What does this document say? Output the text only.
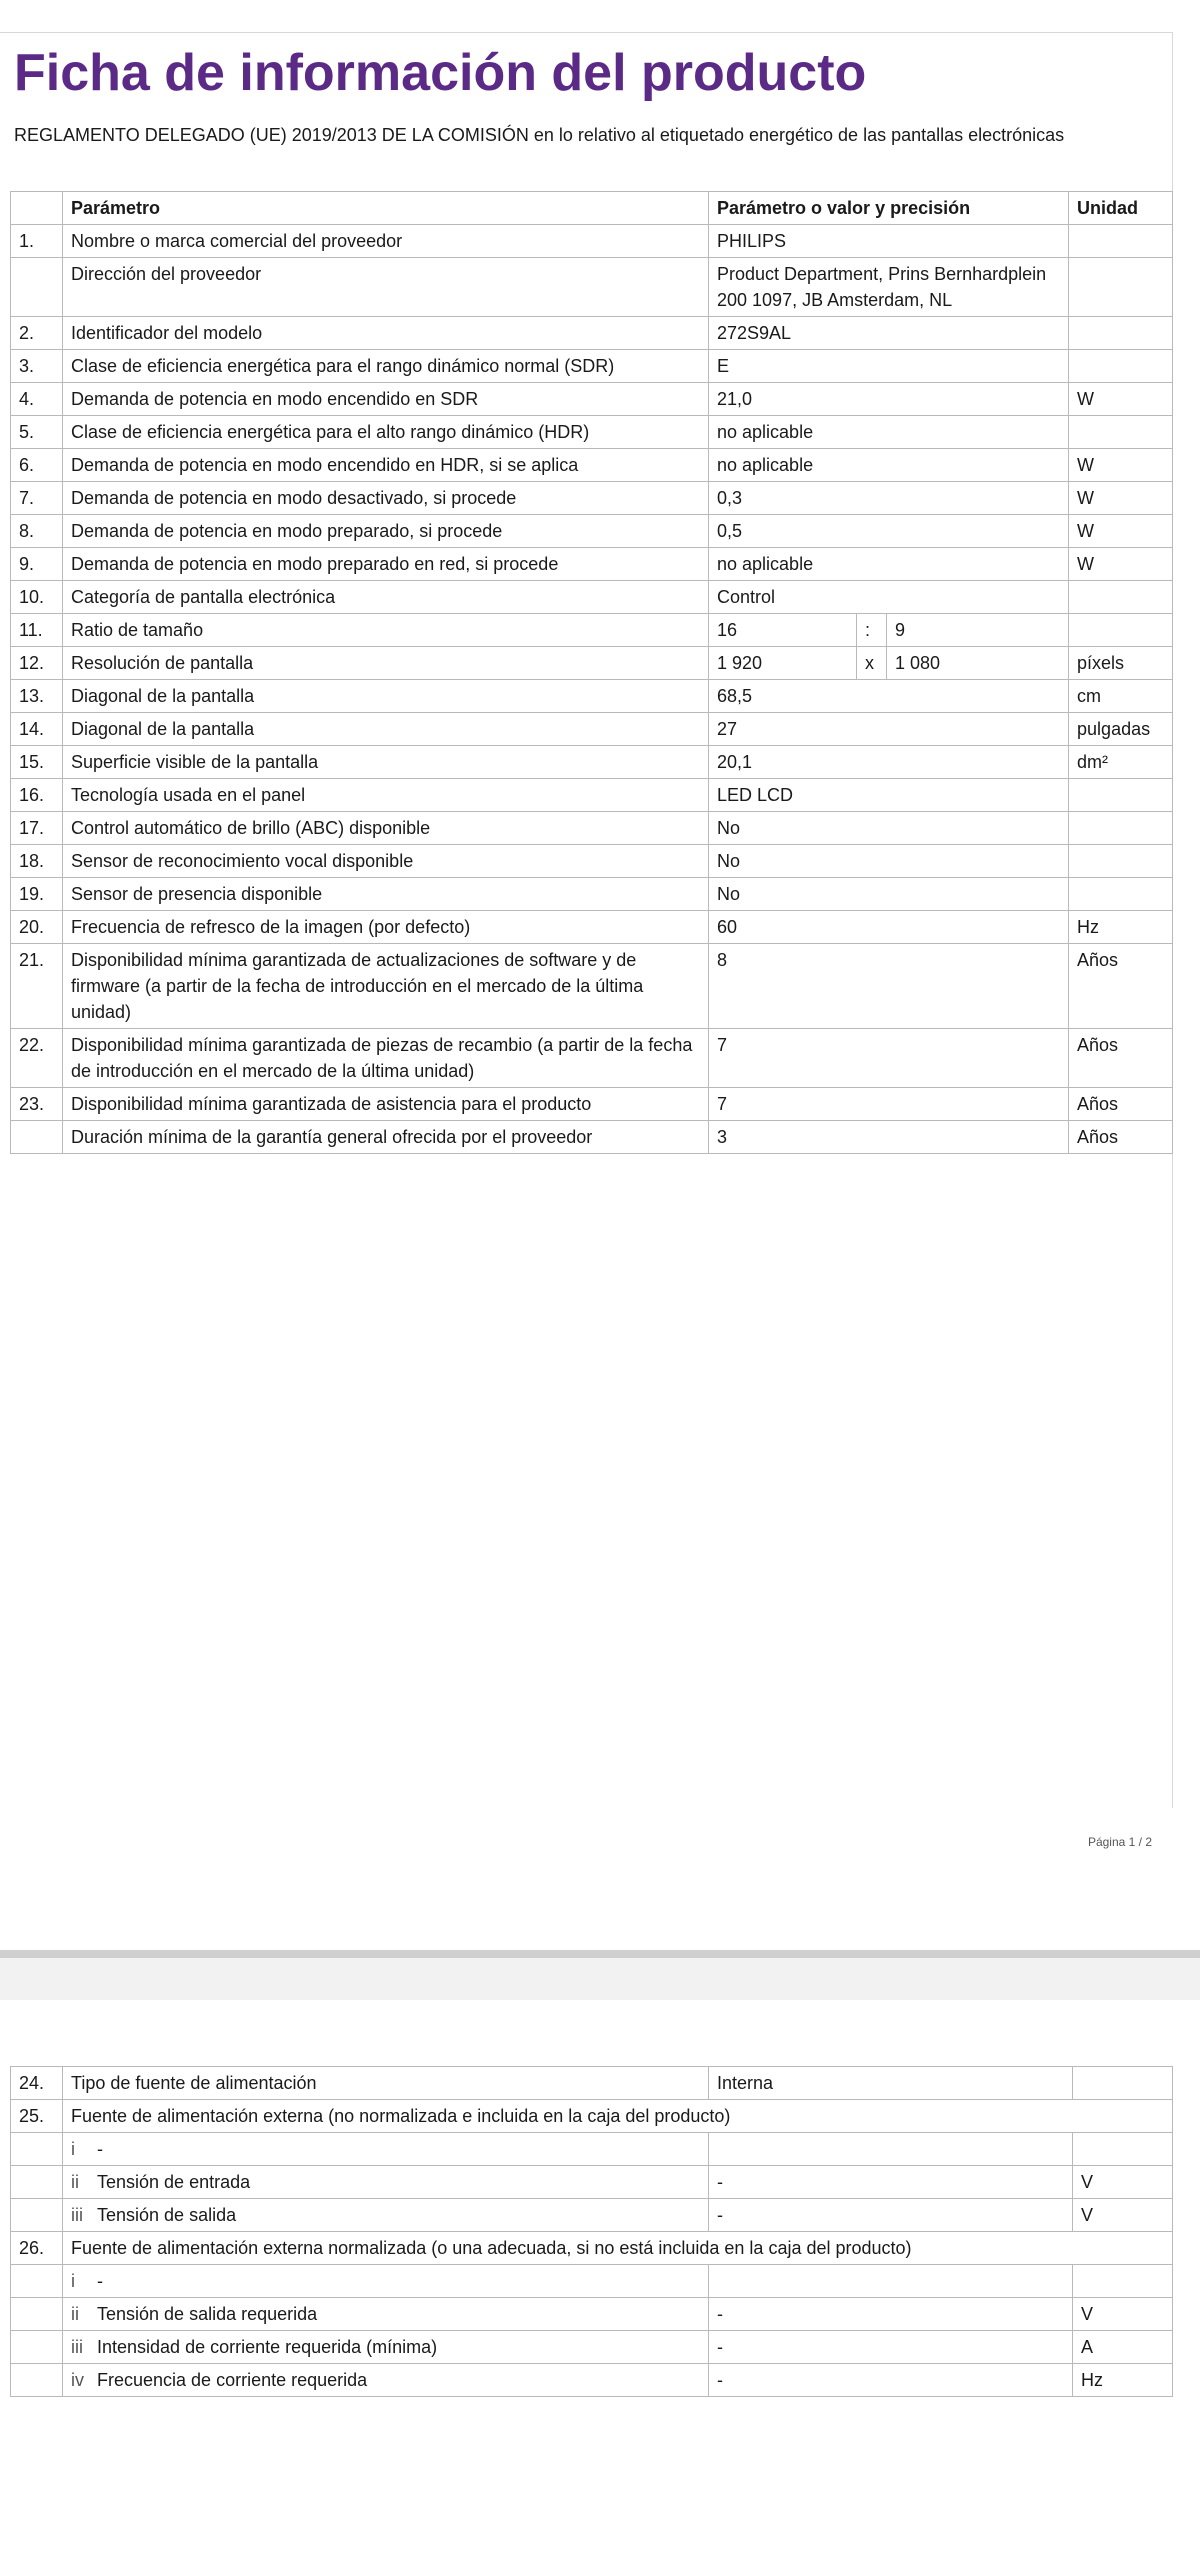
Ficha de información del producto
REGLAMENTO DELEGADO (UE) 2019/2013 DE LA COMISIÓN en lo relativo al etiquetado energético de las pantallas electrónicas
	Parámetro	Parámetro o valor y precisión			Unidad
1.	Nombre o marca comercial del proveedor	PHILIPS			
	Dirección del proveedor	Product Department, Prins Bernhardplein 200 1097, JB Amsterdam, NL			
2.	Identificador del modelo	272S9AL			
3.	Clase de eficiencia energética para el rango dinámico normal (SDR)	E			
4.	Demanda de potencia en modo encendido en SDR	21,0			W
5.	Clase de eficiencia energética para el alto rango dinámico (HDR)	no aplicable			
6.	Demanda de potencia en modo encendido en HDR, si se aplica	no aplicable			W
7.	Demanda de potencia en modo desactivado, si procede	0,3			W
8.	Demanda de potencia en modo preparado, si procede	0,5			W
9.	Demanda de potencia en modo preparado en red, si procede	no aplicable			W
10.	Categoría de pantalla electrónica	Control			
11.	Ratio de tamaño	16	:	9	
12.	Resolución de pantalla	1 920	x	1 080	píxels
13.	Diagonal de la pantalla	68,5			cm
14.	Diagonal de la pantalla	27			pulgadas
15.	Superficie visible de la pantalla	20,1			dm²
16.	Tecnología usada en el panel	LED LCD			
17.	Control automático de brillo (ABC) disponible	No			
18.	Sensor de reconocimiento vocal disponible	No			
19.	Sensor de presencia disponible	No			
20.	Frecuencia de refresco de la imagen (por defecto)	60			Hz
21.	Disponibilidad mínima garantizada de actualizaciones de software y de firmware (a partir de la fecha de introducción en el mercado de la última unidad)	8			Años
22.	Disponibilidad mínima garantizada de piezas de recambio (a partir de la fecha de introducción en el mercado de la última unidad)	7			Años
23.	Disponibilidad mínima garantizada de asistencia para el producto	7			Años
	Duración mínima de la garantía general ofrecida por el proveedor	3			Años
Página 1 / 2
24.	Tipo de fuente de alimentación	Interna	
25.	Fuente de alimentación externa (no normalizada e incluida en la caja del producto)		
	i -		
	ii Tensión de entrada	-	V
	iii Tensión de salida	-	V
26.	Fuente de alimentación externa normalizada (o una adecuada, si no está incluida en la caja del producto)		
	i -		
	ii Tensión de salida requerida	-	V
	iii Intensidad de corriente requerida (mínima)	-	A
	iv Frecuencia de corriente requerida	-	Hz
